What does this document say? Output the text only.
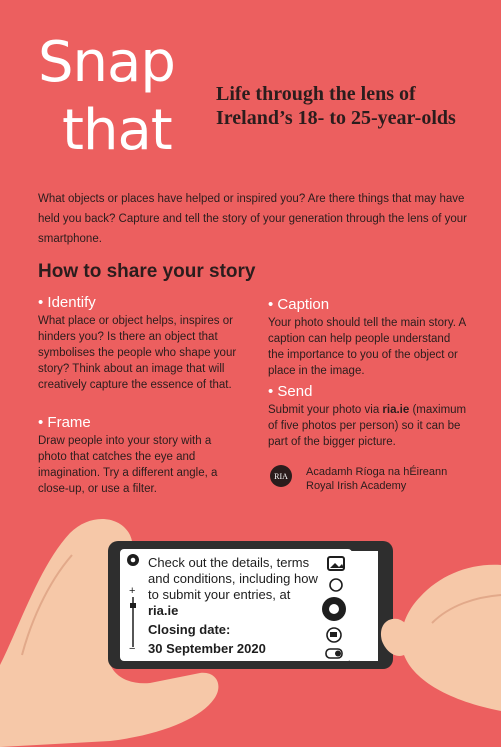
Snap
that
Life through the lens of
Ireland’s 18- to 25-year-olds
What objects or places have helped or inspired you? Are there things that may have held you back? Capture and tell the story of your generation through the lens of your smartphone.
How to share your story
• Identify
What place or object helps, inspires or hinders you? Is there an object that symbolises the people who shape your story? Think about an image that will creatively capture the essence of that.
• Frame
Draw people into your story with a photo that catches the eye and imagination. Try a different angle, a close-up, or use a filter.
• Caption
Your photo should tell the main story. A caption can help people understand the importance to you of the object or place in the image.
• Send
Submit your photo via ria.ie (maximum of five photos per person) so it can be part of the bigger picture.
RIA	Acadamh Ríoga na hÉireann
Royal Irish Academy
+
−
Check out the details, terms and conditions, including how to submit your entries, at ria.ie
Closing date:
30 September 2020
